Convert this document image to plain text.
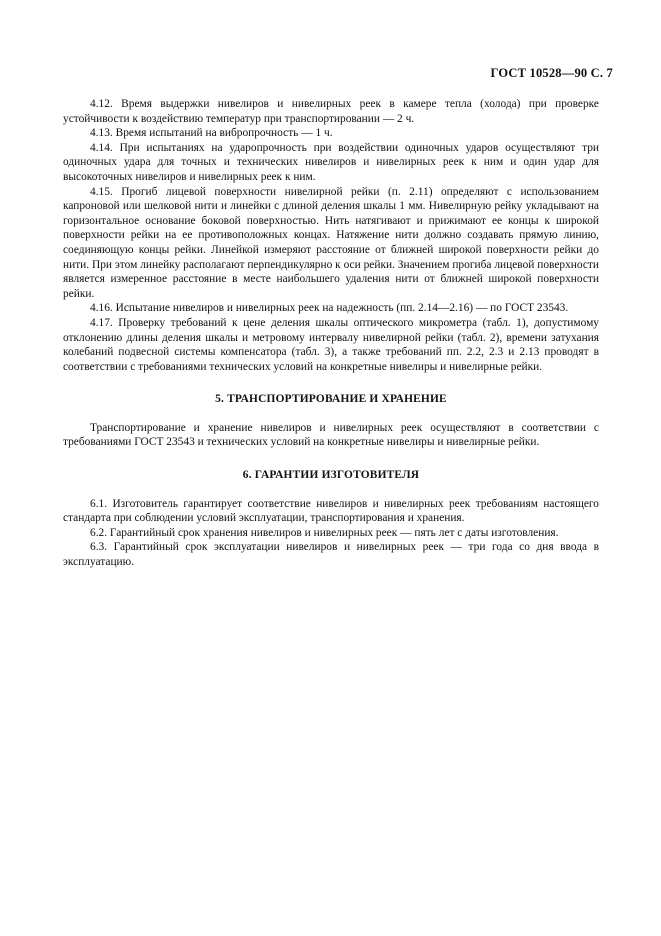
ГОСТ 10528—90 С. 7

4.12. Время выдержки нивелиров и нивелирных реек в камере тепла (холода) при проверке устойчивости к воздействию температур при транспортировании — 2 ч.

4.13. Время испытаний на вибропрочность — 1 ч.

4.14. При испытаниях на ударопрочность при воздействии одиночных ударов осуществляют три одиночных удара для точных и технических нивелиров и нивелирных реек к ним и один удар для высокоточных нивелиров и нивелирных реек к ним.

4.15. Прогиб лицевой поверхности нивелирной рейки (п. 2.11) определяют с использованием капроновой или шелковой нити и линейки с длиной деления шкалы 1 мм. Нивелирную рейку укладывают на горизонтальное основание боковой поверхностью. Нить натягивают и прижимают ее концы к широкой поверхности рейки на ее противоположных концах. Натяжение нити должно создавать прямую линию, соединяющую концы рейки. Линейкой измеряют расстояние от ближней широкой поверхности рейки до нити. При этом линейку располагают перпендикулярно к оси рейки. Значением прогиба лицевой поверхности является измеренное расстояние в месте наибольшего удаления нити от ближней широкой поверхности рейки.

4.16. Испытание нивелиров и нивелирных реек на надежность (пп. 2.14—2.16) — по ГОСТ 23543.

4.17. Проверку требований к цене деления шкалы оптического микрометра (табл. 1), допустимому отклонению длины деления шкалы и метровому интервалу нивелирной рейки (табл. 2), времени затухания колебаний подвесной системы компенсатора (табл. 3), а также требований пп. 2.2, 2.3 и 2.13 проводят в соответствии с требованиями технических условий на конкретные нивелиры и нивелирные рейки.

5. ТРАНСПОРТИРОВАНИЕ И ХРАНЕНИЕ

Транспортирование и хранение нивелиров и нивелирных реек осуществляют в соответствии с требованиями ГОСТ 23543 и технических условий на конкретные нивелиры и нивелирные рейки.

6. ГАРАНТИИ ИЗГОТОВИТЕЛЯ

6.1. Изготовитель гарантирует соответствие нивелиров и нивелирных реек требованиям настоящего стандарта при соблюдении условий эксплуатации, транспортирования и хранения.

6.2. Гарантийный срок хранения нивелиров и нивелирных реек — пять лет с даты изготовления.

6.3. Гарантийный срок эксплуатации нивелиров и нивелирных реек — три года со дня ввода в эксплуатацию.
